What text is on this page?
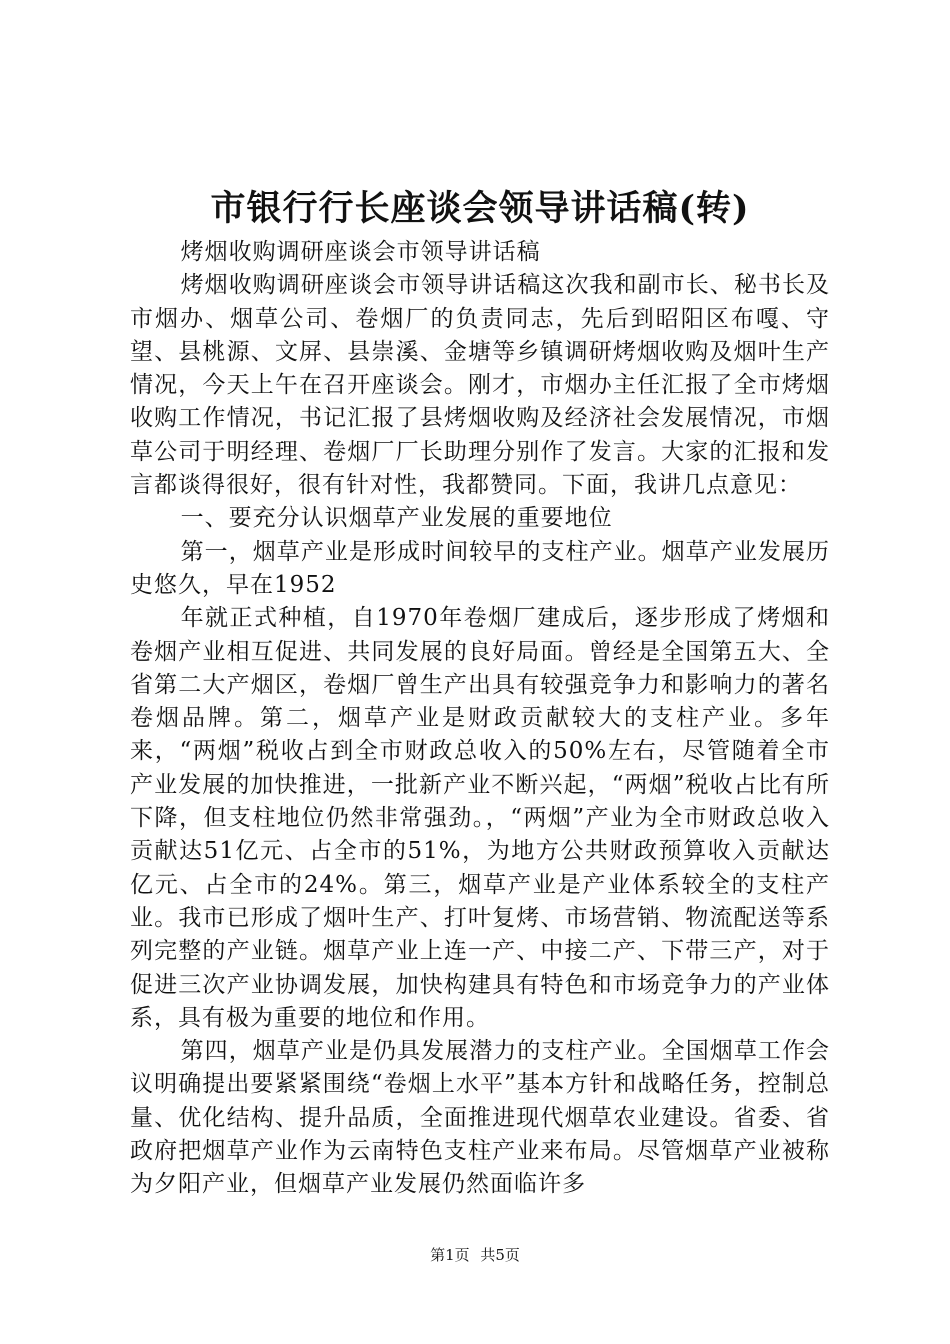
市银行行长座谈会领导讲话稿(转)

烤烟收购调研座谈会市领导讲话稿

烤烟收购调研座谈会市领导讲话稿这次我和副市长、秘书长及市烟办、烟草公司、卷烟厂的负责同志，先后到昭阳区布嘎、守望、县桃源、文屏、县崇溪、金塘等乡镇调研烤烟收购及烟叶生产情况，今天上午在召开座谈会。刚才，市烟办主任汇报了全市烤烟收购工作情况，书记汇报了县烤烟收购及经济社会发展情况，市烟草公司于明经理、卷烟厂厂长助理分别作了发言。大家的汇报和发言都谈得很好，很有针对性，我都赞同。下面，我讲几点意见：

一、要充分认识烟草产业发展的重要地位

第一，烟草产业是形成时间较早的支柱产业。烟草产业发展历史悠久，早在1952

年就正式种植，自1970年卷烟厂建成后，逐步形成了烤烟和卷烟产业相互促进、共同发展的良好局面。曾经是全国第五大、全省第二大产烟区，卷烟厂曾生产出具有较强竞争力和影响力的著名卷烟品牌。第二，烟草产业是财政贡献较大的支柱产业。多年来，“两烟”税收占到全市财政总收入的50%左右，尽管随着全市产业发展的加快推进，一批新产业不断兴起，“两烟”税收占比有所下降，但支柱地位仍然非常强劲。，“两烟”产业为全市财政总收入贡献达51亿元、占全市的51%，为地方公共财政预算收入贡献达亿元、占全市的24%。第三，烟草产业是产业体系较全的支柱产业。我市已形成了烟叶生产、打叶复烤、市场营销、物流配送等系列完整的产业链。烟草产业上连一产、中接二产、下带三产，对于促进三次产业协调发展，加快构建具有特色和市场竞争力的产业体系，具有极为重要的地位和作用。

第四，烟草产业是仍具发展潜力的支柱产业。全国烟草工作会议明确提出要紧紧围绕“卷烟上水平”基本方针和战略任务，控制总量、优化结构、提升品质，全面推进现代烟草农业建设。省委、省政府把烟草产业作为云南特色支柱产业来布局。尽管烟草产业被称为夕阳产业，但烟草产业发展仍然面临许多

第1页 共5页
